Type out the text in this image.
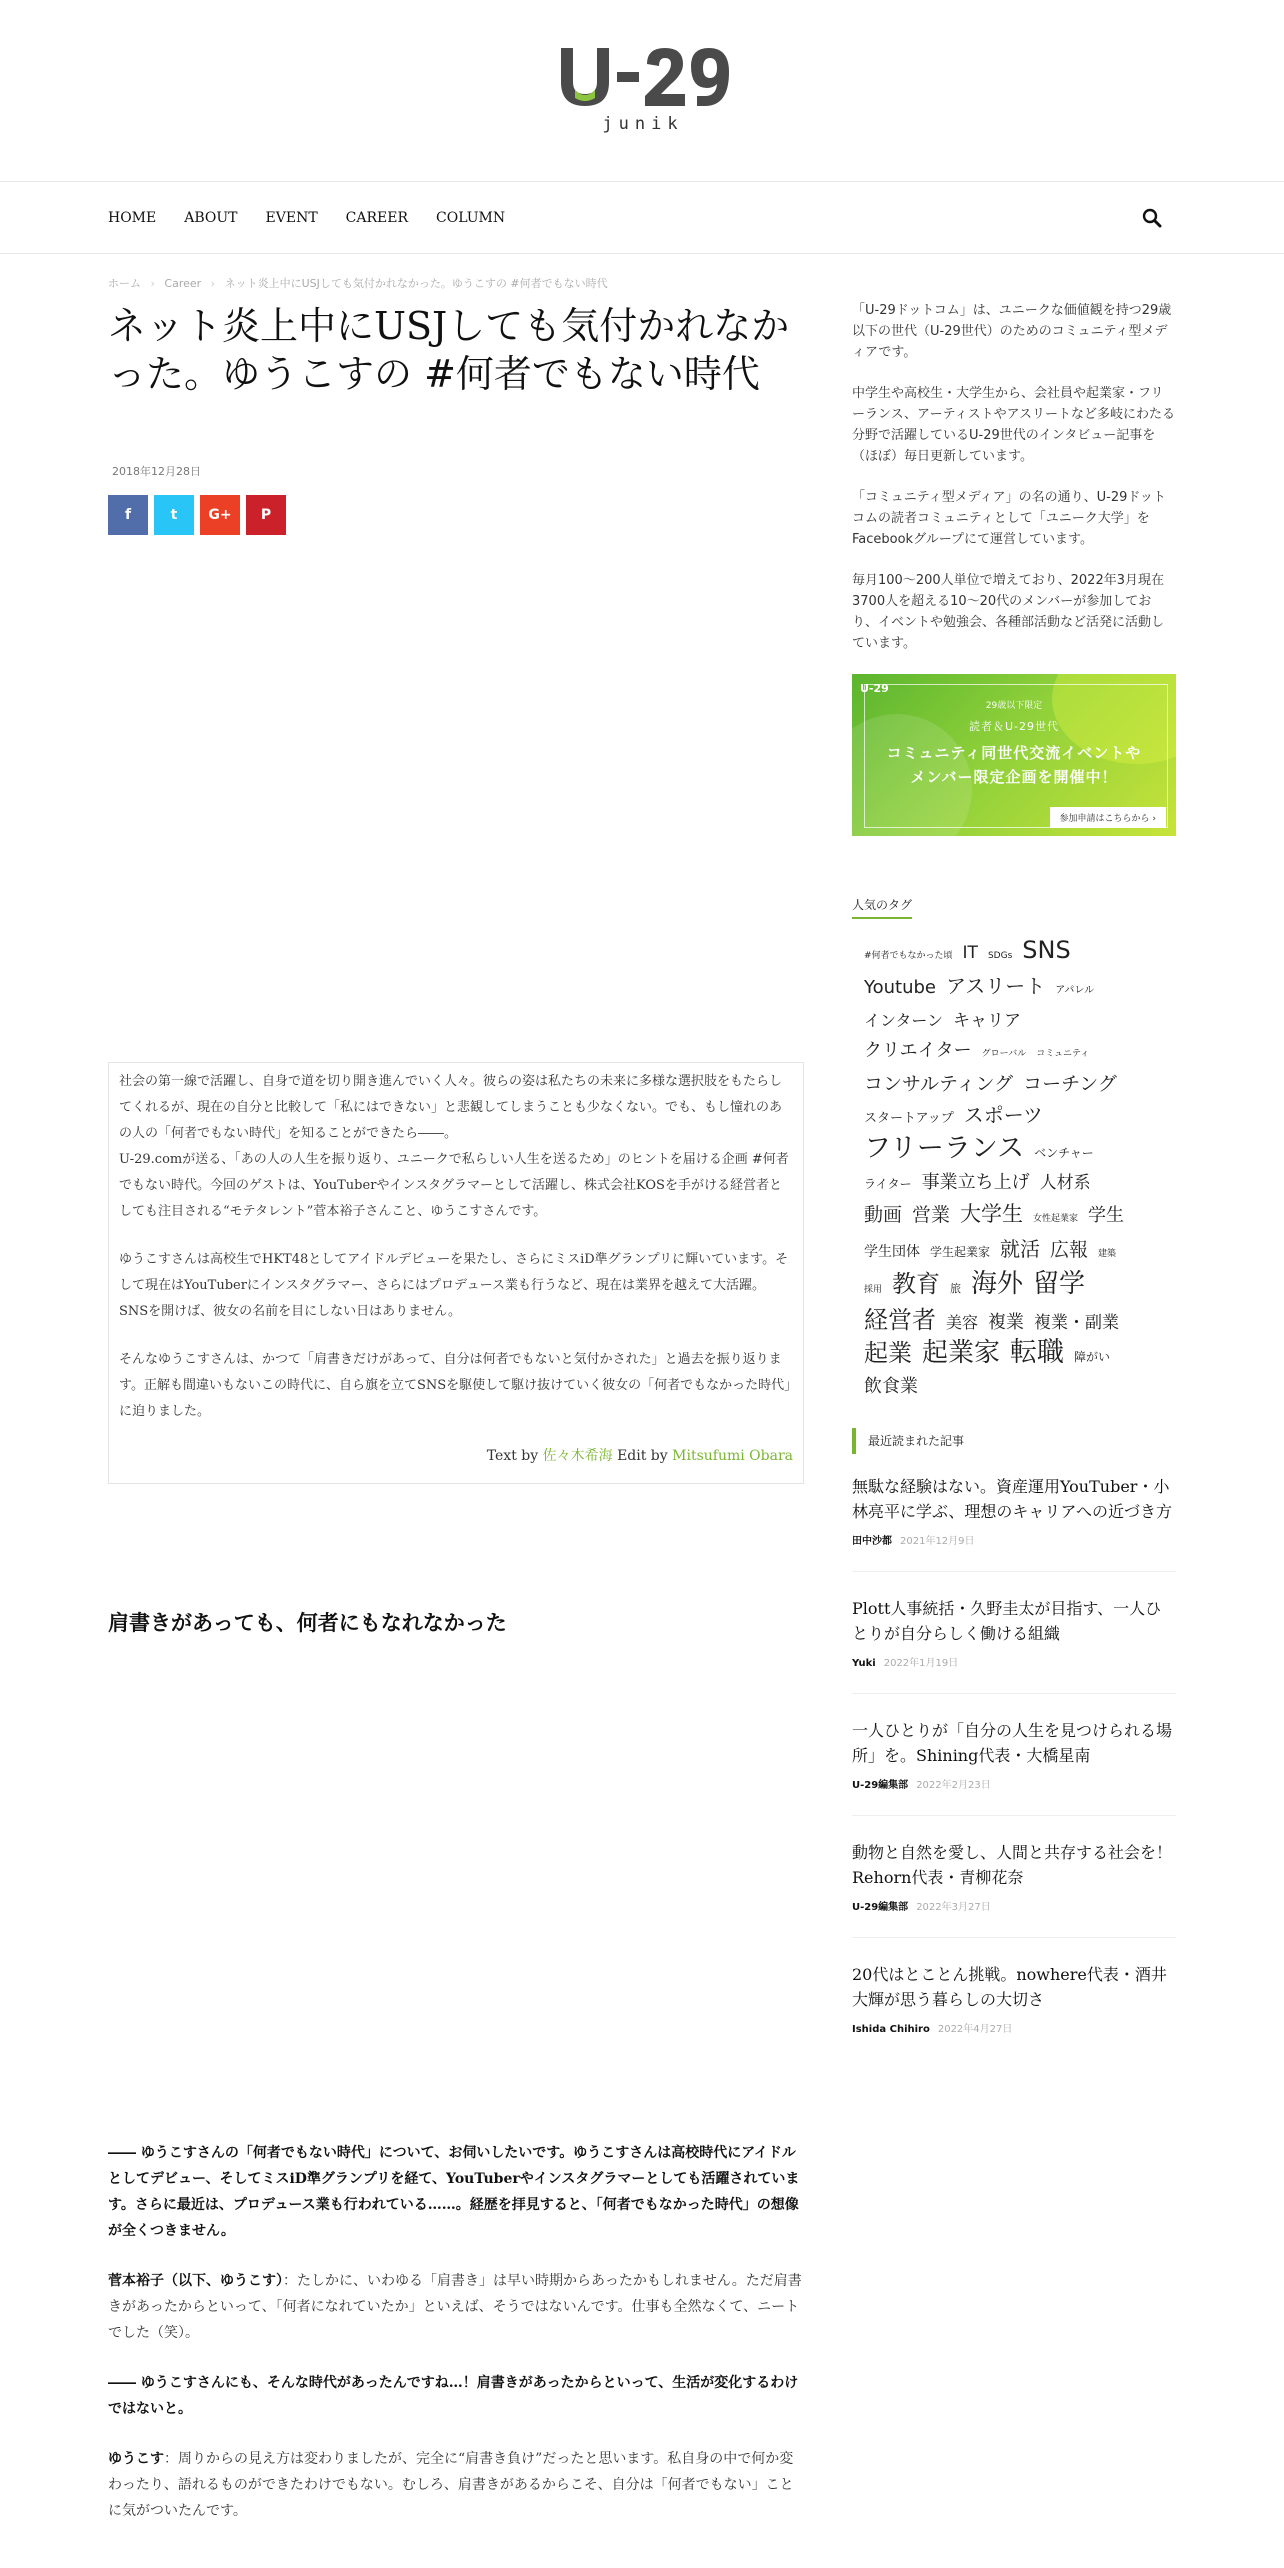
junik
HOME ABOUT EVENT CAREER COLUMN
ホーム › Career › ネット炎上中にUSJしても気付かれなかった。ゆうこすの #何者でもない時代
ネット炎上中にUSJしても気付かれなかった。ゆうこすの #何者でもない時代
2018年12月28日
f	t	G+	P

社会の第一線で活躍し、自身で道を切り開き進んでいく人々。彼らの姿は私たちの未来に多様な選択肢をもたらしてくれるが、現在の自分と比較して「私にはできない」と悲観してしまうことも少なくない。でも、もし憧れのあの人の「何者でもない時代」を知ることができたら――。

U-29.comが送る、「あの人の人生を振り返り、ユニークで私らしい人生を送るため」のヒントを届ける企画 #何者でもない時代。今回のゲストは、YouTuberやインスタグラマーとして活躍し、株式会社KOSを手がける経営者としても注目される“モテタレント”菅本裕子さんこと、ゆうこすさんです。

ゆうこすさんは高校生でHKT48としてアイドルデビューを果たし、さらにミスiD準グランプリに輝いています。そして現在はYouTuberにインスタグラマー、さらにはプロデュース業も行うなど、現在は業界を越えて大活躍。SNSを開けば、彼女の名前を目にしない日はありません。

そんなゆうこすさんは、かつて「肩書きだけがあって、自分は何者でもないと気付かされた」と過去を振り返ります。正解も間違いもないこの時代に、自ら旗を立てSNSを駆使して駆け抜けていく彼女の「何者でもなかった時代」に迫りました。

Text by 佐々木希海 Edit by Mitsufumi Obara
肩書きがあっても、何者にもなれなかった

―― ゆうこすさんの「何者でもない時代」について、お伺いしたいです。ゆうこすさんは高校時代にアイドルとしてデビュー、そしてミスiD準グランプリを経て、YouTuberやインスタグラマーとしても活躍されています。さらに最近は、プロデュース業も行われている……。経歴を拝見すると、「何者でもなかった時代」の想像が全くつきません。

菅本裕子（以下、ゆうこす）：たしかに、いわゆる「肩書き」は早い時期からあったかもしれません。ただ肩書きがあったからといって、「何者になれていたか」といえば、そうではないんです。仕事も全然なくて、ニートでした（笑）。

―― ゆうこすさんにも、そんな時代があったんですね…！肩書きがあったからといって、生活が変化するわけではないと。

ゆうこす：周りからの見え方は変わりましたが、完全に“肩書き負け”だったと思います。私自身の中で何か変わったり、語れるものができたわけでもない。むしろ、肩書きがあるからこそ、自分は「何者でもない」ことに気がついたんです。

「U-29ドットコム」は、ユニークな価値観を持つ29歳以下の世代（U-29世代）のためのコミュニティ型メディアです。

中学生や高校生・大学生から、会社員や起業家・フリーランス、アーティストやアスリートなど多岐にわたる分野で活躍しているU-29世代のインタビュー記事を（ほぼ）毎日更新しています。

「コミュニティ型メディア」の名の通り、U-29ドットコムの読者コミュニティとして「ユニーク大学」をFacebookグループにて運営しています。

毎月100〜200人単位で増えており、2022年3月現在3700人を超える10〜20代のメンバーが参加しており、イベントや勉強会、各種部活動など活発に活動しています。

U-29
29歳以下限定
読者＆U-29世代
コミュニティ同世代交流イベントや
メンバー限定企画を開催中！
参加申請はこちらから ›
人気のタグ
#何者でもなかった頃 IT SDGs SNSYoutube アスリート アパレルインターン キャリアクリエイター グローバル コミュニティコンサルティング コーチングスタートアップ スポーツフリーランス ベンチャーライター 事業立ち上げ 人材系動画 営業 大学生 女性起業家 学生学生団体 学生起業家 就活 広報 建築採用 教育 旅 海外 留学経営者 美容 複業 複業・副業起業 起業家 転職 障がい飲食業
最近読まれた記事
無駄な経験はない。資産運用YouTuber・小林亮平に学ぶ、理想のキャリアへの近づき方
田中沙都 2021年12月9日
Plott人事統括・久野圭太が目指す、一人ひとりが自分らしく働ける組織
Yuki 2022年1月19日
一人ひとりが「自分の人生を見つけられる場所」を。Shining代表・大橋星南
U-29編集部 2022年2月23日
動物と自然を愛し、人間と共存する社会を！Rehorn代表・青柳花奈
U-29編集部 2022年3月27日
20代はとことん挑戦。nowhere代表・酒井大輝が思う暮らしの大切さ
Ishida Chihiro 2022年4月27日
